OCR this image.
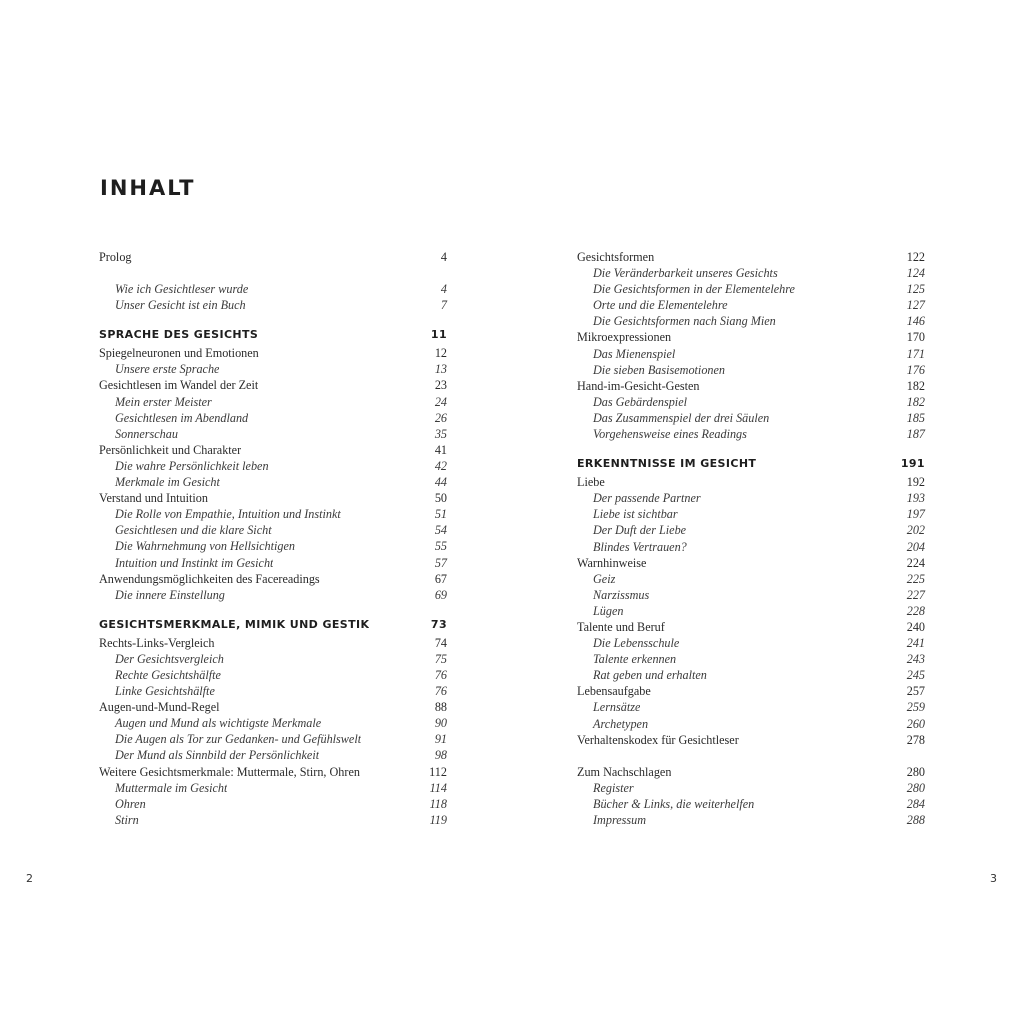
INHALT
Prolog	4
Wie ich Gesichtleser wurde	4
Unser Gesicht ist ein Buch	7
SPRACHE DES GESICHTS	11
Spiegelneuronen und Emotionen	12
Unsere erste Sprache	13
Gesichtlesen im Wandel der Zeit	23
Mein erster Meister	24
Gesichtlesen im Abendland	26
Sonnerschau	35
Persönlichkeit und Charakter	41
Die wahre Persönlichkeit leben	42
Merkmale im Gesicht	44
Verstand und Intuition	50
Die Rolle von Empathie, Intuition und Instinkt	51
Gesichtlesen und die klare Sicht	54
Die Wahrnehmung von Hellsichtigen	55
Intuition und Instinkt im Gesicht	57
Anwendungsmöglichkeiten des Facereadings	67
Die innere Einstellung	69
GESICHTSMERKMALE, MIMIK UND GESTIK	73
Rechts-Links-Vergleich	74
Der Gesichtsvergleich	75
Rechte Gesichtshälfte	76
Linke Gesichtshälfte	76
Augen-und-Mund-Regel	88
Augen und Mund als wichtigste Merkmale	90
Die Augen als Tor zur Gedanken- und Gefühlswelt	91
Der Mund als Sinnbild der Persönlichkeit	98
Weitere Gesichtsmerkmale: Muttermale, Stirn, Ohren	112
Muttermale im Gesicht	114
Ohren	118
Stirn	119
Gesichtsformen	122
Die Veränderbarkeit unseres Gesichts	124
Die Gesichtsformen in der Elementelehre	125
Orte und die Elementelehre	127
Die Gesichtsformen nach Siang Mien	146
Mikroexpressionen	170
Das Mienenspiel	171
Die sieben Basisemotionen	176
Hand-im-Gesicht-Gesten	182
Das Gebärdenspiel	182
Das Zusammenspiel der drei Säulen	185
Vorgehensweise eines Readings	187
ERKENNTNISSE IM GESICHT	191
Liebe	192
Der passende Partner	193
Liebe ist sichtbar	197
Der Duft der Liebe	202
Blindes Vertrauen?	204
Warnhinweise	224
Geiz	225
Narzissmus	227
Lügen	228
Talente und Beruf	240
Die Lebensschule	241
Talente erkennen	243
Rat geben und erhalten	245
Lebensaufgabe	257
Lernsätze	259
Archetypen	260
Verhaltenskodex für Gesichtleser	278
Zum Nachschlagen	280
Register	280
Bücher & Links, die weiterhelfen	284
Impressum	288
2	3
